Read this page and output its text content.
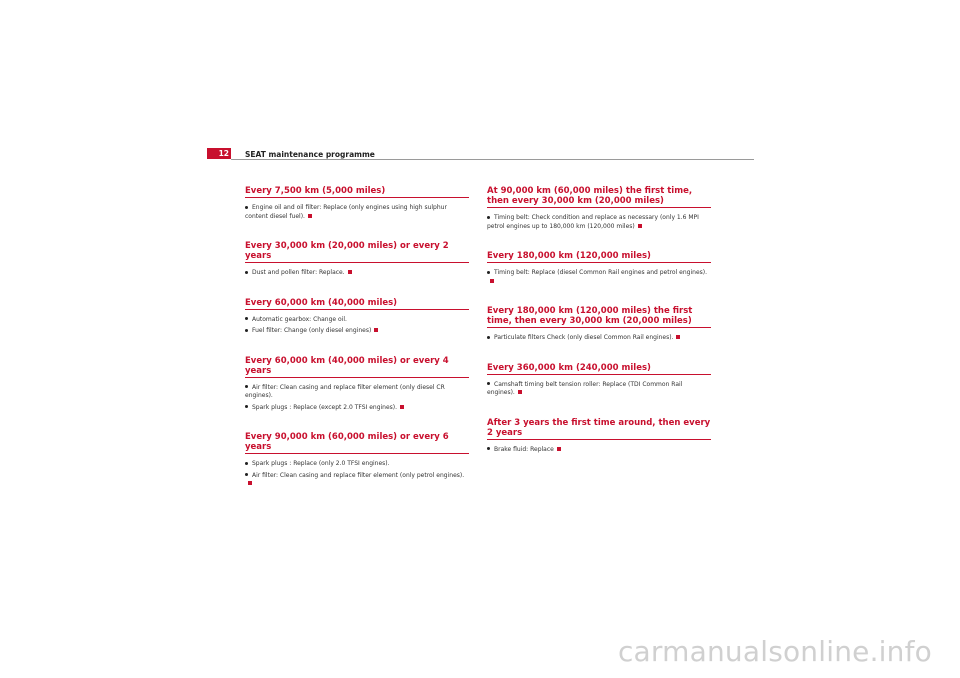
12 SEAT maintenance programme
Every 7,500 km (5,000 miles)
Engine oil and oil filter: Replace (only engines using high sulphur content diesel fuel).
Every 30,000 km (20,000 miles) or every 2 years
Dust and pollen filter: Replace.
Every 60,000 km (40,000 miles)
Automatic gearbox: Change oil.
Fuel filter: Change (only diesel engines)
Every 60,000 km (40,000 miles) or every 4 years
Air filter: Clean casing and replace filter element (only diesel CR engines).
Spark plugs : Replace (except 2.0 TFSI engines).
Every 90,000 km (60,000 miles) or every 6 years
Spark plugs : Replace (only 2.0 TFSI engines).
Air filter: Clean casing and replace filter element (only petrol engines).
At 90,000 km (60,000 miles) the first time, then every 30,000 km (20,000 miles)
Timing belt: Check condition and replace as necessary (only 1.6 MPI petrol engines up to 180,000 km (120,000 miles)
Every 180,000 km (120,000 miles)
Timing belt: Replace (diesel Common Rail engines and petrol engines).
Every 180,000 km (120,000 miles) the first time, then every 30,000 km (20,000 miles)
Particulate filters Check (only diesel Common Rail engines).
Every 360,000 km (240,000 miles)
Camshaft timing belt tension roller: Replace (TDI Common Rail engines).
After 3 years the first time around, then every 2 years
Brake fluid: Replace
carmanualsonline.info
